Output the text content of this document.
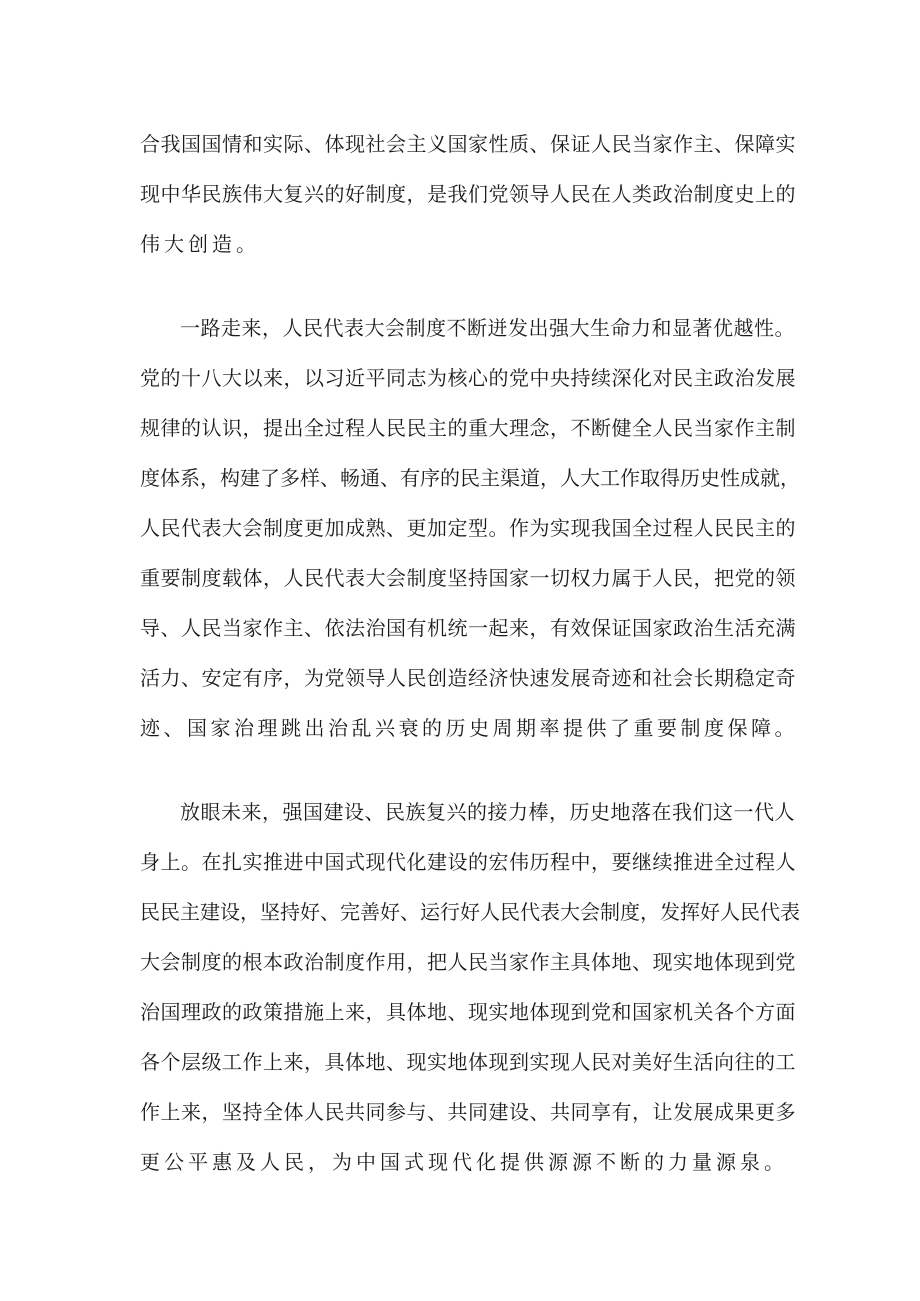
合我国国情和实际、体现社会主义国家性质、保证人民当家作主、保障实
现中华民族伟大复兴的好制度，是我们党领导人民在人类政治制度史上的
伟大创造。
一路走来，人民代表大会制度不断迸发出强大生命力和显著优越性。
党的十八大以来，以习近平同志为核心的党中央持续深化对民主政治发展
规律的认识，提出全过程人民民主的重大理念，不断健全人民当家作主制
度体系，构建了多样、畅通、有序的民主渠道，人大工作取得历史性成就，
人民代表大会制度更加成熟、更加定型。作为实现我国全过程人民民主的
重要制度载体，人民代表大会制度坚持国家一切权力属于人民，把党的领
导、人民当家作主、依法治国有机统一起来，有效保证国家政治生活充满
活力、安定有序，为党领导人民创造经济快速发展奇迹和社会长期稳定奇
迹、国家治理跳出治乱兴衰的历史周期率提供了重要制度保障。
放眼未来，强国建设、民族复兴的接力棒，历史地落在我们这一代人
身上。在扎实推进中国式现代化建设的宏伟历程中，要继续推进全过程人
民民主建设，坚持好、完善好、运行好人民代表大会制度，发挥好人民代表
大会制度的根本政治制度作用，把人民当家作主具体地、现实地体现到党
治国理政的政策措施上来，具体地、现实地体现到党和国家机关各个方面
各个层级工作上来，具体地、现实地体现到实现人民对美好生活向往的工
作上来，坚持全体人民共同参与、共同建设、共同享有，让发展成果更多
更公平惠及人民，为中国式现代化提供源源不断的力量源泉。
